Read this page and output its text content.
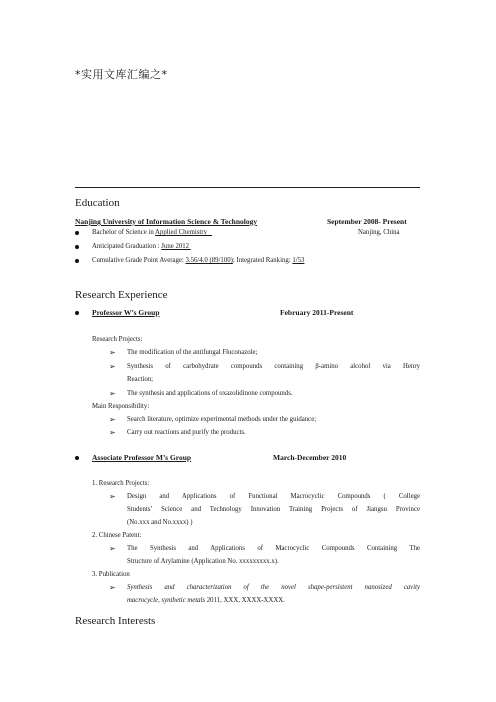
*实用文库汇编之*
Education
Nanjing University of Information Science & Technology	September 2008- Present
Bachelor of Science in Applied Chemistry	Nanjing, China
Anticipated Graduation : June 2012
Cumulative Grade Point Average: 3.56/4.0 (89/100); Integrated Ranking: 1/53
Research Experience
Professor W’s Group	February 2011-Present
Research Projects:
➢ The modification of the antifungal Fluconazole;
➢ Synthesis of carbohydrate compounds containing β-amino alcohol via Henry
Reaction;
➢ The synthesis and applications of oxazolidinone compounds.
Main Responsibility:
➢ Search literature, optimize experimental methods under the guidance;
➢ Carry out reactions and purify the products.
Associate Professor M’s Group	March-December 2010
1. Research Projects:
➢ Design and Applications of Functional Macrocyclic Compounds ( College
Students’ Science and Technology Innovation Training Projects of Jiangsu Province
(No.xxx and No.xxxx) )
2. Chinese Patent:
➢ The Synthesis and Applications of Macrocyclic Compounds Containing The
Structure of Arylamine (Application No. xxxxxxxxx.x).
3. Publication
➢ Synthesis and characterization of the novel shape-persistent nanosized cavity
macrocycle, synthetic metals 2011, XXX, XXXX-XXXX.
Research Interests
